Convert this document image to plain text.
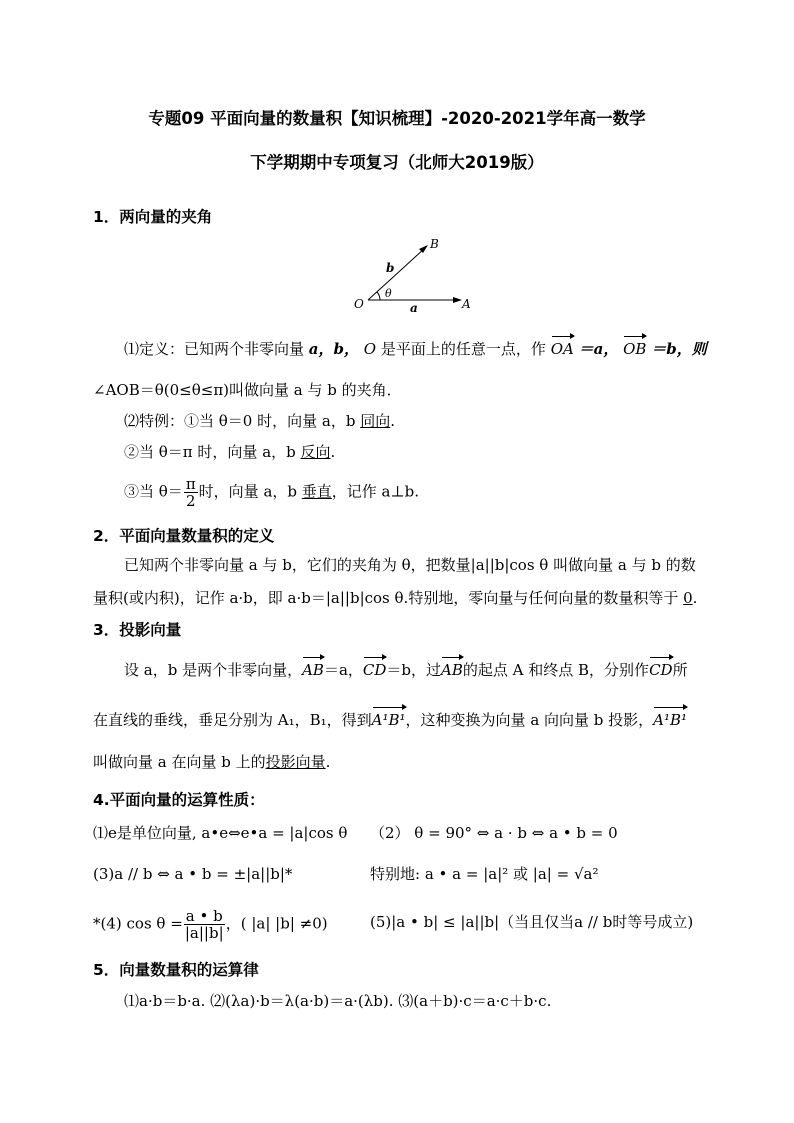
专题09 平面向量的数量积【知识梳理】-2020-2021学年高一数学
下学期期中专项复习（北师大2019版）
1．两向量的夹角
B
b
θ
O	a	A
⑴定义：已知两个非零向量 a，b， O 是平面上的任意一点，作 OA ＝a， OB ＝b，则
∠AOB＝θ(0≤θ≤π)叫做向量 a 与 b 的夹角．
⑵特例：①当 θ＝0 时，向量 a，b 同向.
②当 θ＝π 时，向量 a，b 反向.
③当 $\theta= \frac{\pi}{2}$ 时，向量 a，b 垂直，记作 a⊥b.
2．平面向量数量积的定义
已知两个非零向量 a 与 b，它们的夹角为 θ，把数量|a||b|cos θ 叫做向量 a 与 b 的数
量积(或内积)，记作 a·b，即 a·b＝|a||b|cos θ.特别地，零向量与任何向量的数量积等于 0.
3．投影向量
设 a，b 是两个非零向量，AB＝a，CD＝b，过AB的起点 A 和终点 B，分别作CD所
在直线的垂线，垂足分别为 A₁，B₁，得到A¹B¹，这种变换为向量 a 向向量 b 投影，A¹B¹
叫做向量 a 在向量 b 上的投影向量.
4.平面向量的运算性质：
⑴e是单位向量, a•e⇔e•a = |a|cos θ （2） θ = 90° ⇔ a · b ⇔ a • b = 0
(3)a // b ⇔ a • b = ±|a||b|*	特别地: a • a = |a|² 或 |a| = √a²
*(4) $\cos \theta = \frac{a • b}{|a||b|}$ ，( |a| |b| ≠0)	(5)|a • b| ≤ |a||b|（当且仅当a // b时等号成立)
5．向量数量积的运算律
⑴a·b＝b·a. ⑵(λa)·b＝λ(a·b)＝a·(λb). ⑶(a＋b)·c＝a·c＋b·c.
